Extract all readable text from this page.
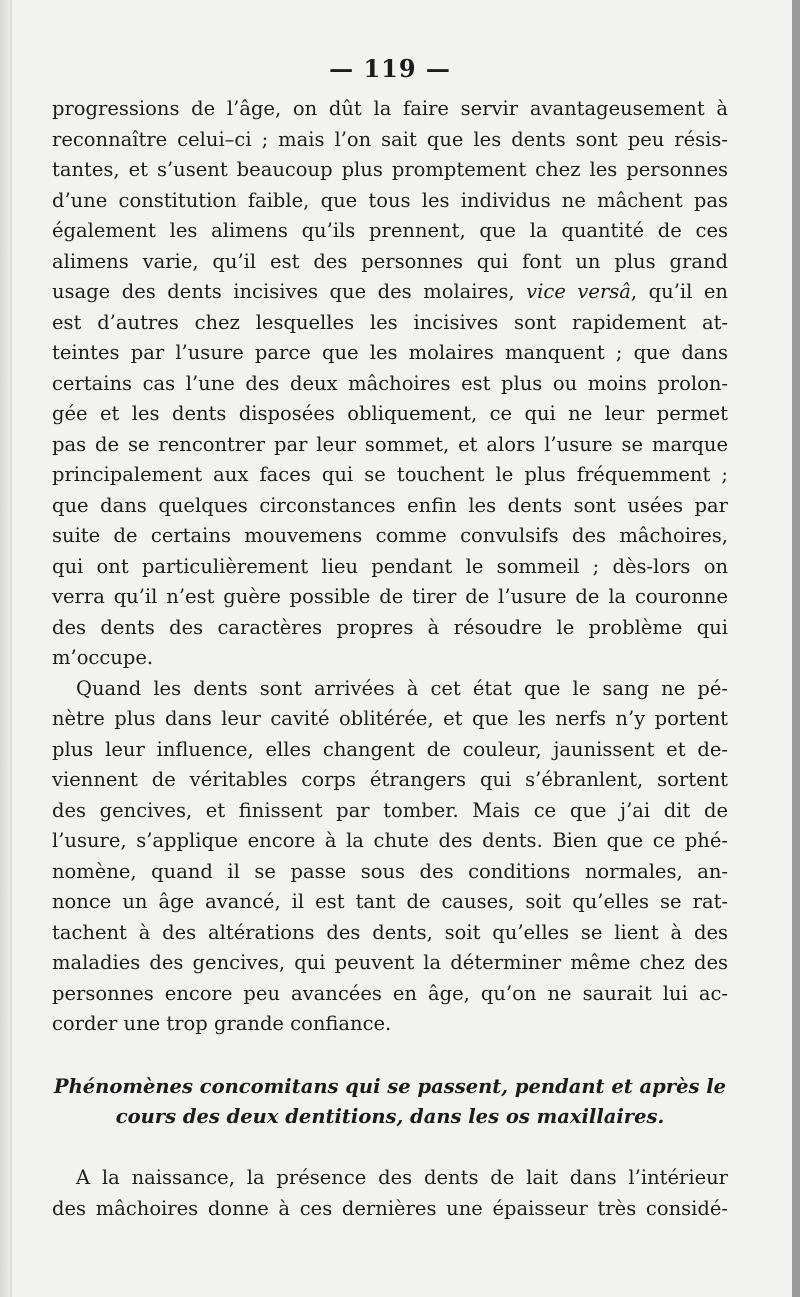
— 119 —
progressions de l’âge, on dût la faire servir avantageusement à
reconnaître celui–ci ; mais l’on sait que les dents sont peu résis-
tantes, et s’usent beaucoup plus promptement chez les personnes
d’une constitution faible, que tous les individus ne mâchent pas
également les alimens qu’ils prennent, que la quantité de ces
alimens varie, qu’il est des personnes qui font un plus grand
usage des dents incisives que des molaires, vice versâ, qu’il en
est d’autres chez lesquelles les incisives sont rapidement at-
teintes par l’usure parce que les molaires manquent ; que dans
certains cas l’une des deux mâchoires est plus ou moins prolon-
gée et les dents disposées obliquement, ce qui ne leur permet
pas de se rencontrer par leur sommet, et alors l’usure se marque
principalement aux faces qui se touchent le plus fréquemment ;
que dans quelques circonstances enfin les dents sont usées par
suite de certains mouvemens comme convulsifs des mâchoires,
qui ont particulièrement lieu pendant le sommeil ; dès-lors on
verra qu’il n’est guère possible de tirer de l’usure de la couronne
des dents des caractères propres à résoudre le problème qui
m’occupe.
Quand les dents sont arrivées à cet état que le sang ne pé-
nètre plus dans leur cavité oblitérée, et que les nerfs n’y portent
plus leur influence, elles changent de couleur, jaunissent et de-
viennent de véritables corps étrangers qui s’ébranlent, sortent
des gencives, et finissent par tomber. Mais ce que j’ai dit de
l’usure, s’applique encore à la chute des dents. Bien que ce phé-
nomène, quand il se passe sous des conditions normales, an-
nonce un âge avancé, il est tant de causes, soit qu’elles se rat-
tachent à des altérations des dents, soit qu’elles se lient à des
maladies des gencives, qui peuvent la déterminer même chez des
personnes encore peu avancées en âge, qu’on ne saurait lui ac-
corder une trop grande confiance.
Phénomènes concomitans qui se passent, pendant et après le
cours des deux dentitions, dans les os maxillaires.
A la naissance, la présence des dents de lait dans l’intérieur
des mâchoires donne à ces dernières une épaisseur très considé-
